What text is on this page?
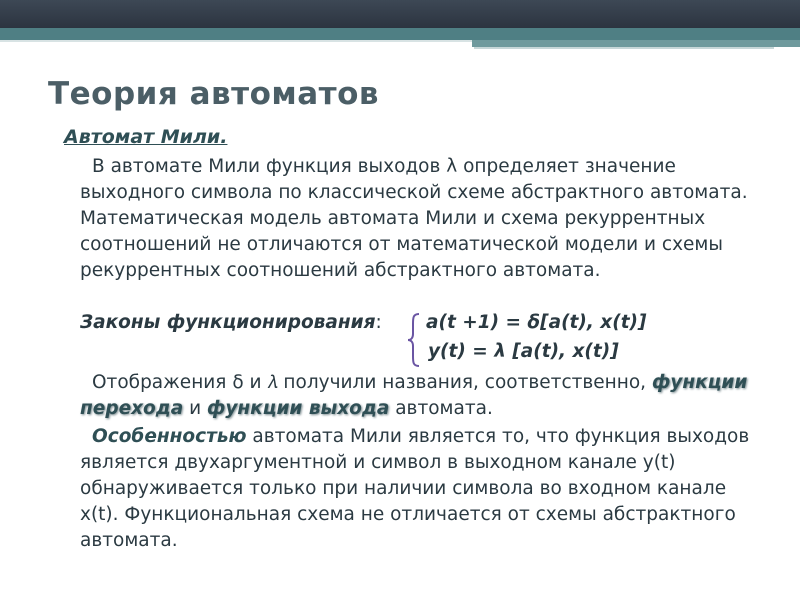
Теория автоматов
Автомат Мили.
В автомате Мили функция выходов λ определяет значение выходного символа по классической схеме абстрактного автомата. Математическая модель автомата Мили и схема рекуррентных соотношений не отличаются от математической модели и схемы рекуррентных соотношений абстрактного автомата.
Законы функционирования: a(t +1) = δ[a(t), x(t)]
y(t) = λ [a(t), x(t)]
Отображения δ и 𝜆 получили названия, соответственно, функции перехода и функции выхода автомата.
Особенностью автомата Мили является то, что функция выходов является двухаргументной и символ в выходном канале y(t) обнаруживается только при наличии символа во входном канале x(t). Функциональная схема не отличается от схемы абстрактного автомата.
